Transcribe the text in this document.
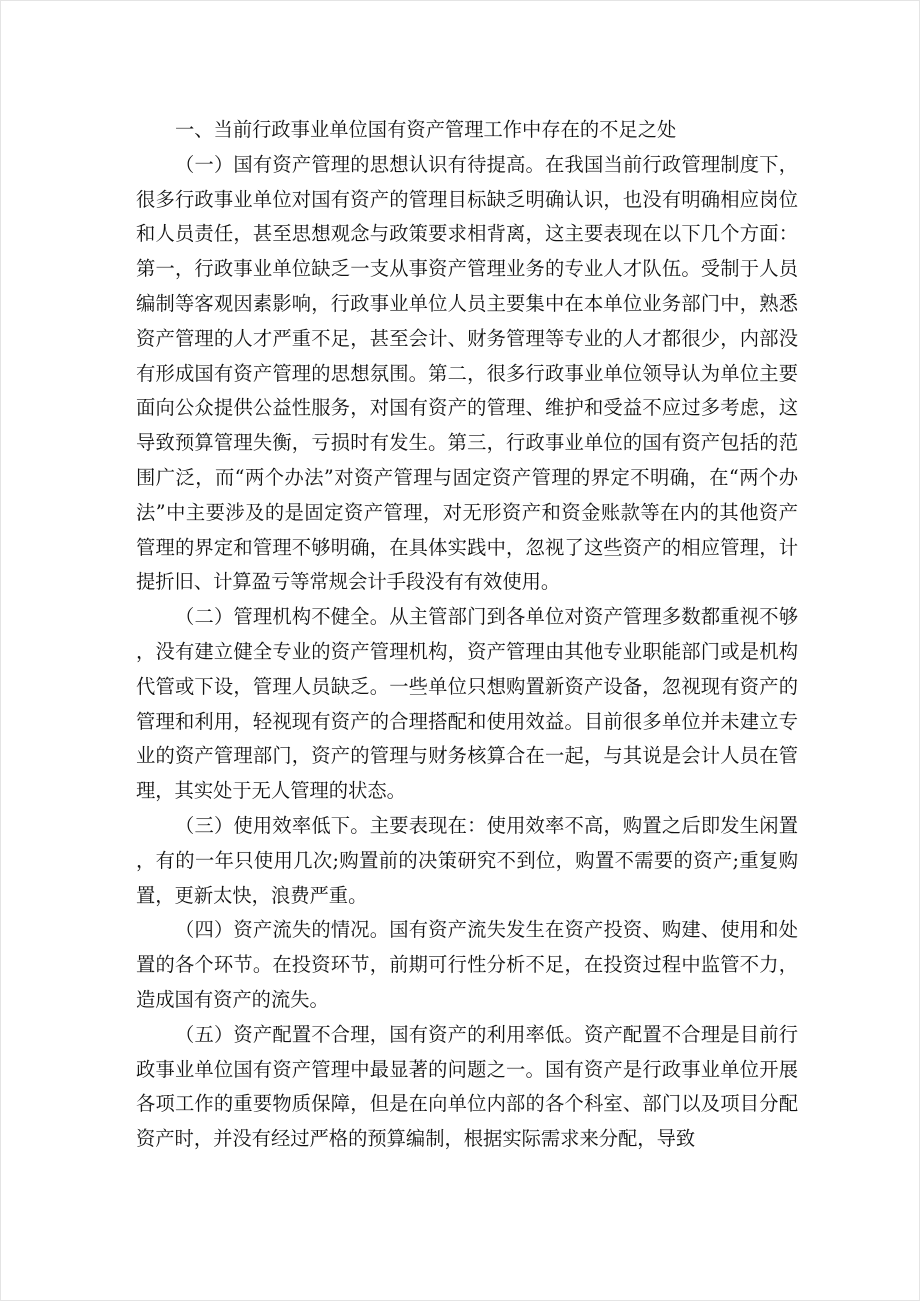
一、当前行政事业单位国有资产管理工作中存在的不足之处

（一）国有资产管理的思想认识有待提高。在我国当前行政管理制度下，很多行政事业单位对国有资产的管理目标缺乏明确认识，也没有明确相应岗位和人员责任，甚至思想观念与政策要求相背离，这主要表现在以下几个方面：第一，行政事业单位缺乏一支从事资产管理业务的专业人才队伍。受制于人员编制等客观因素影响，行政事业单位人员主要集中在本单位业务部门中，熟悉资产管理的人才严重不足，甚至会计、财务管理等专业的人才都很少，内部没有形成国有资产管理的思想氛围。第二，很多行政事业单位领导认为单位主要面向公众提供公益性服务，对国有资产的管理、维护和受益不应过多考虑，这导致预算管理失衡，亏损时有发生。第三，行政事业单位的国有资产包括的范围广泛，而“两个办法”对资产管理与固定资产管理的界定不明确，在“两个办法”中主要涉及的是固定资产管理，对无形资产和资金账款等在内的其他资产管理的界定和管理不够明确，在具体实践中，忽视了这些资产的相应管理，计提折旧、计算盈亏等常规会计手段没有有效使用。

（二）管理机构不健全。从主管部门到各单位对资产管理多数都重视不够，没有建立健全专业的资产管理机构，资产管理由其他专业职能部门或是机构代管或下设，管理人员缺乏。一些单位只想购置新资产设备，忽视现有资产的管理和利用，轻视现有资产的合理搭配和使用效益。目前很多单位并未建立专业的资产管理部门，资产的管理与财务核算合在一起，与其说是会计人员在管理，其实处于无人管理的状态。

（三）使用效率低下。主要表现在：使用效率不高，购置之后即发生闲置，有的一年只使用几次;购置前的决策研究不到位，购置不需要的资产;重复购置，更新太快，浪费严重。

（四）资产流失的情况。国有资产流失发生在资产投资、购建、使用和处置的各个环节。在投资环节，前期可行性分析不足，在投资过程中监管不力，造成国有资产的流失。

（五）资产配置不合理，国有资产的利用率低。资产配置不合理是目前行政事业单位国有资产管理中最显著的问题之一。国有资产是行政事业单位开展各项工作的重要物质保障，但是在向单位内部的各个科室、部门以及项目分配资产时，并没有经过严格的预算编制，根据实际需求来分配，导致
